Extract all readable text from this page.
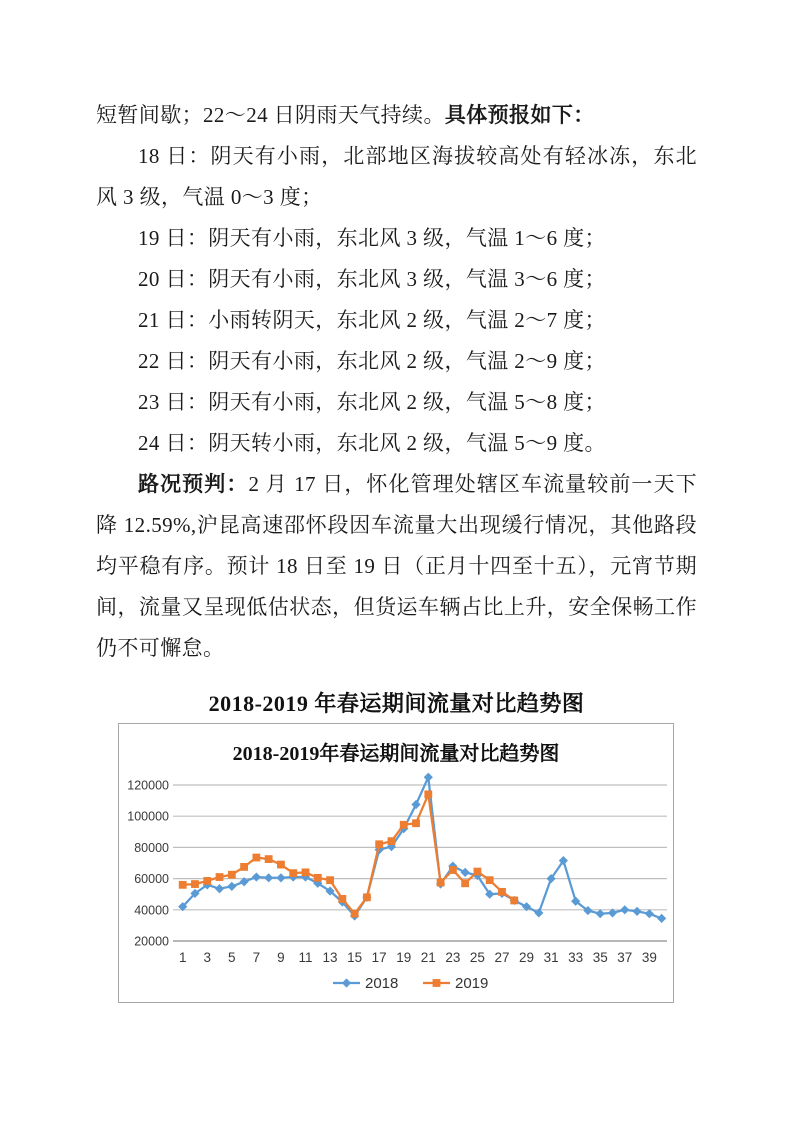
短暂间歇；22～24 日阴雨天气持续。具体预报如下：

18 日：阴天有小雨，北部地区海拔较高处有轻冰冻，东北风 3 级，气温 0～3 度；

19 日：阴天有小雨，东北风 3 级，气温 1～6 度；

20 日：阴天有小雨，东北风 3 级，气温 3～6 度；

21 日：小雨转阴天，东北风 2 级，气温 2～7 度；

22 日：阴天有小雨，东北风 2 级，气温 2～9 度；

23 日：阴天有小雨，东北风 2 级，气温 5～8 度；

24 日：阴天转小雨，东北风 2 级，气温 5～9 度。

路况预判：2 月 17 日，怀化管理处辖区车流量较前一天下降 12.59%,沪昆高速邵怀段因车流量大出现缓行情况，其他路段均平稳有序。预计 18 日至 19 日（正月十四至十五），元宵节期间，流量又呈现低估状态，但货运车辆占比上升，安全保畅工作仍不可懈怠。

2018-2019 年春运期间流量对比趋势图
2018-2019年春运期间流量对比趋势图
20000
40000
60000
80000
100000
120000
1 3 5 7 9 11 13 15 17 19 21 23 25 27 29 31 33 35 37 39
2018	2019
